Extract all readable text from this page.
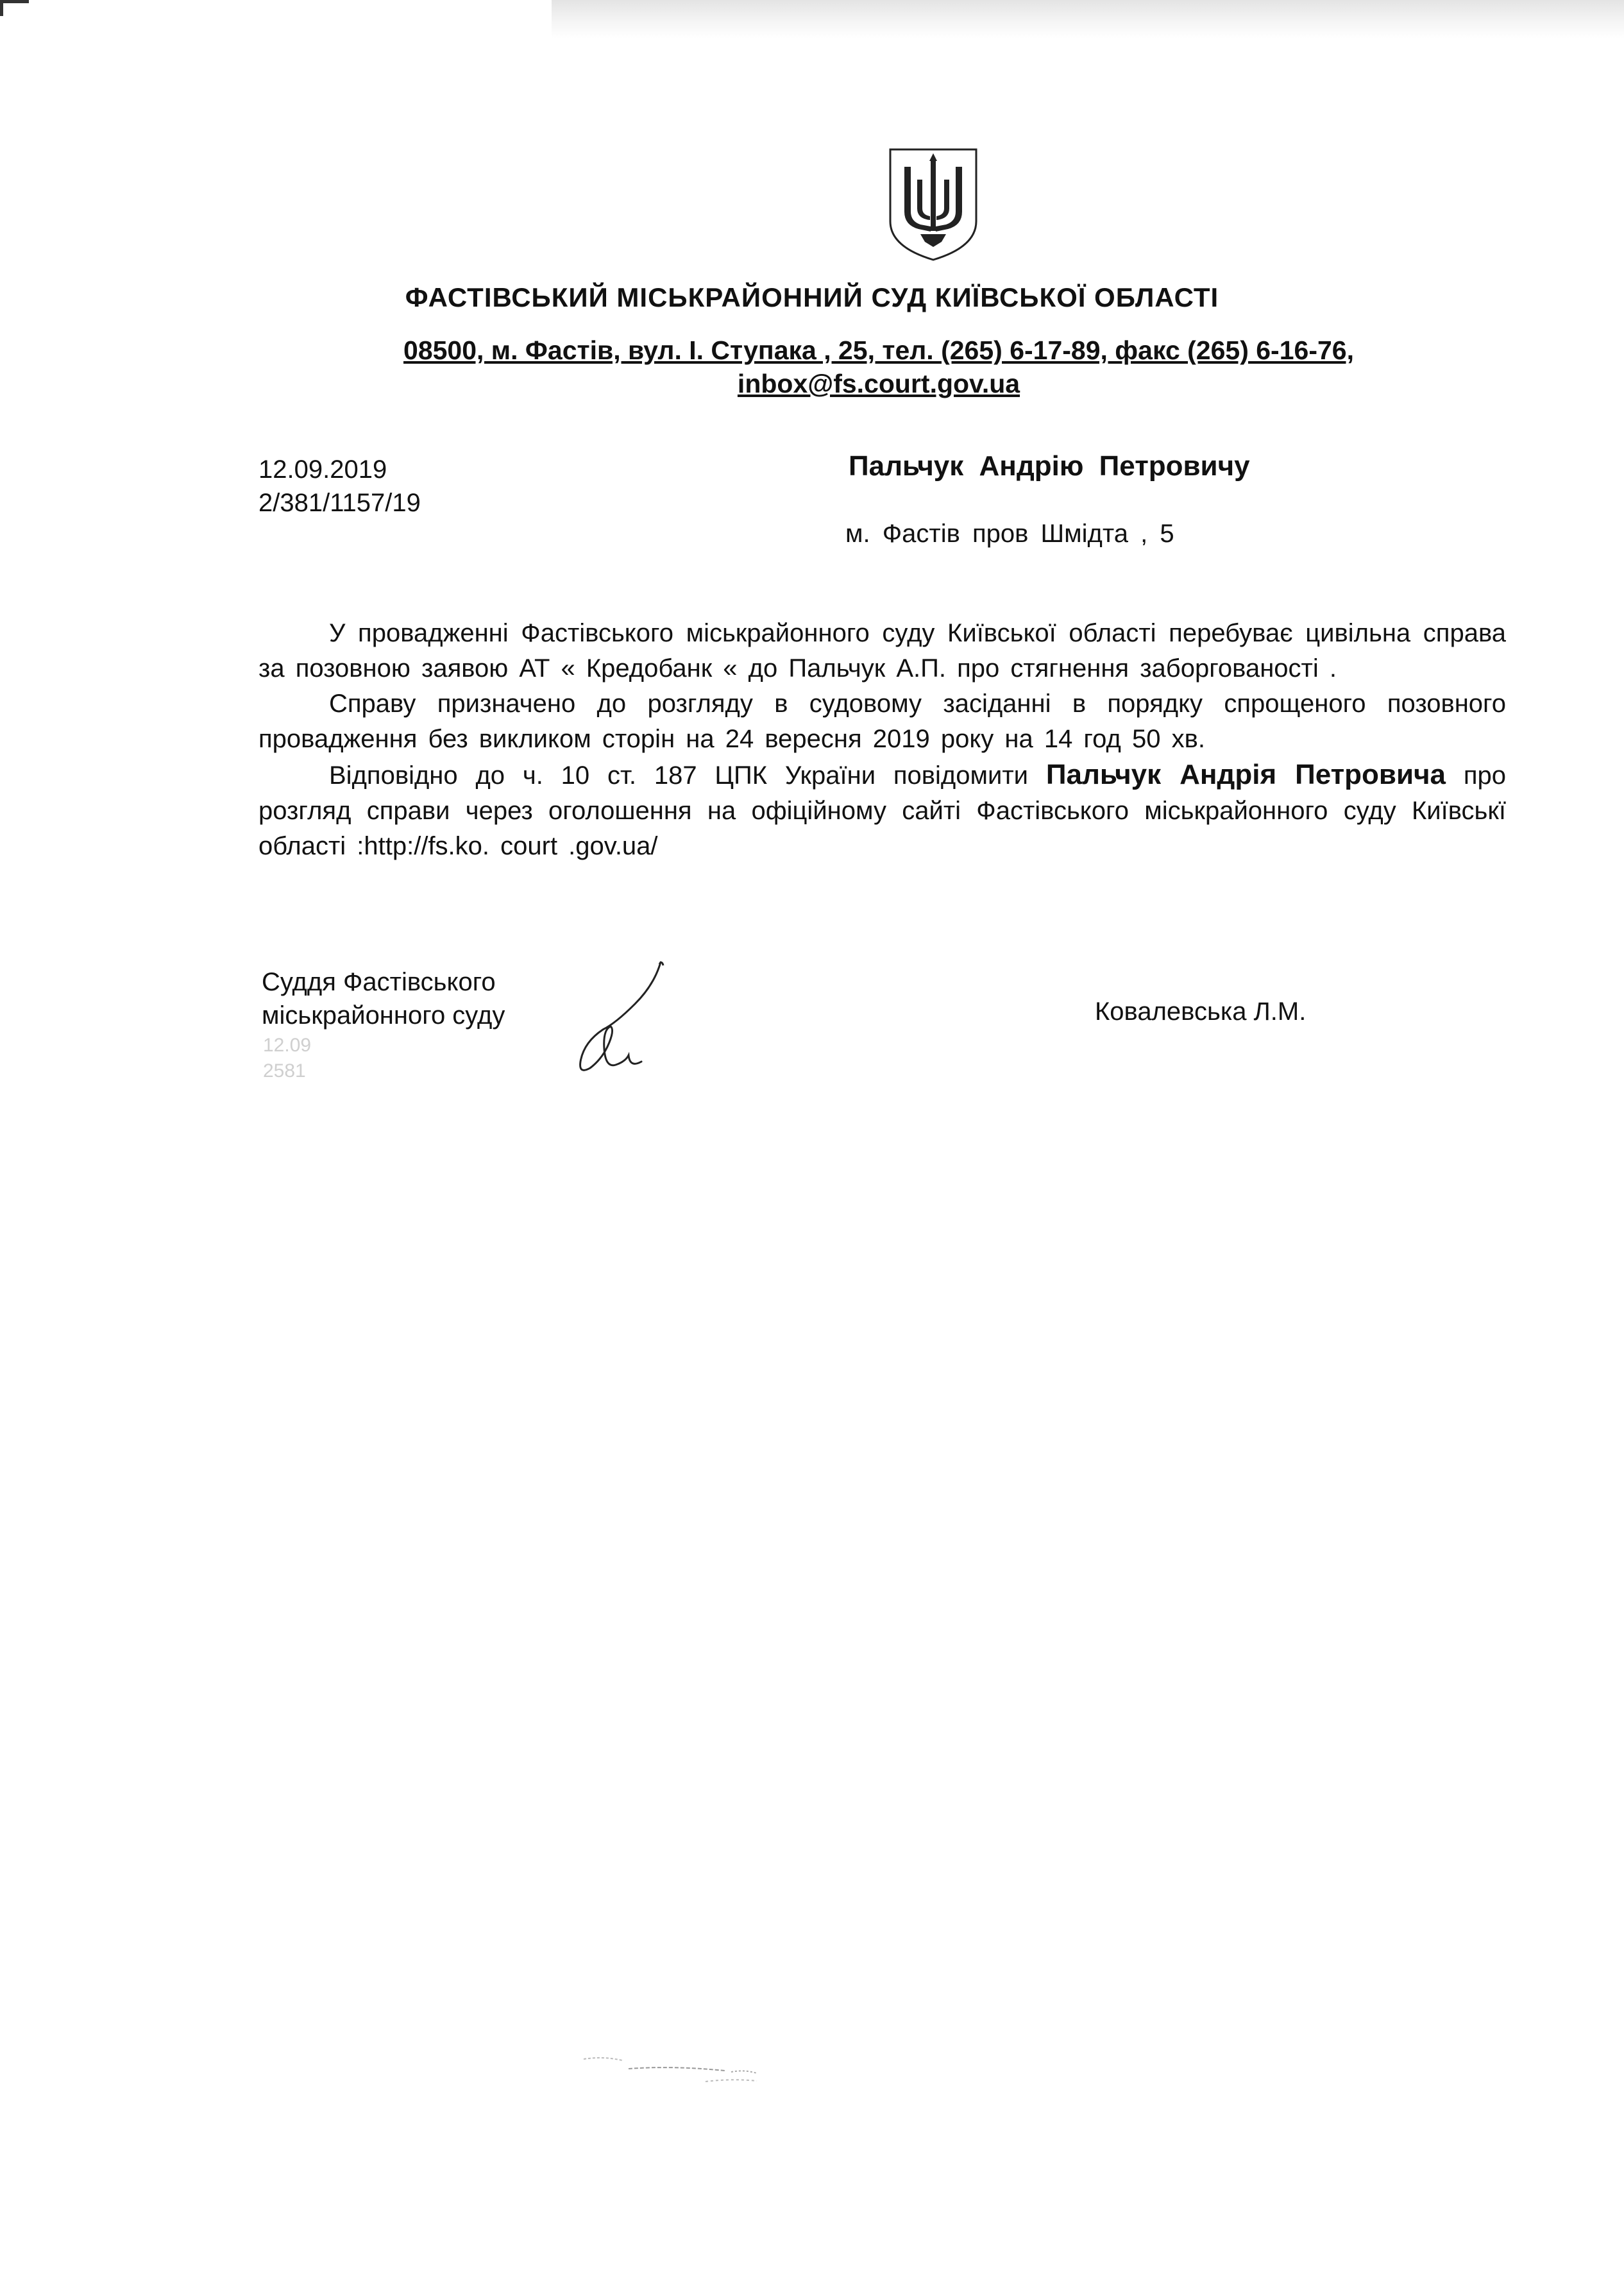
ФАСТІВСЬКИЙ МІСЬКРАЙОННИЙ СУД КИЇВСЬКОЇ ОБЛАСТІ
08500, м. Фастів, вул. І. Ступака , 25, тел. (265) 6-17-89, факс (265) 6-16-76,
inbox@fs.court.gov.ua
12.09.2019
2/381/1157/19
Пальчук Андрію Петровичу
м. Фастів пров Шмідта , 5

У провадженні Фастівського міськрайонного суду Київської області перебуває цивільна справа за позовною заявою АТ « Кредобанк « до Пальчук А.П. про стягнення заборгованості .

Справу призначено до розгляду в судовому засіданні в порядку спрощеного позовного провадження без викликом сторін на 24 вересня 2019 року на 14 год 50 хв.

Відповідно до ч. 10 ст. 187 ЦПК України повідомити Пальчук Андрія Петровича про розгляд справи через оголошення на офіційному сайті Фастівського міськрайонного суду Київськї області :http://fs.ko. court .gov.ua/

Суддя Фастівського
міськрайонного суду
12.09
2581
Ковалевська Л.М.
